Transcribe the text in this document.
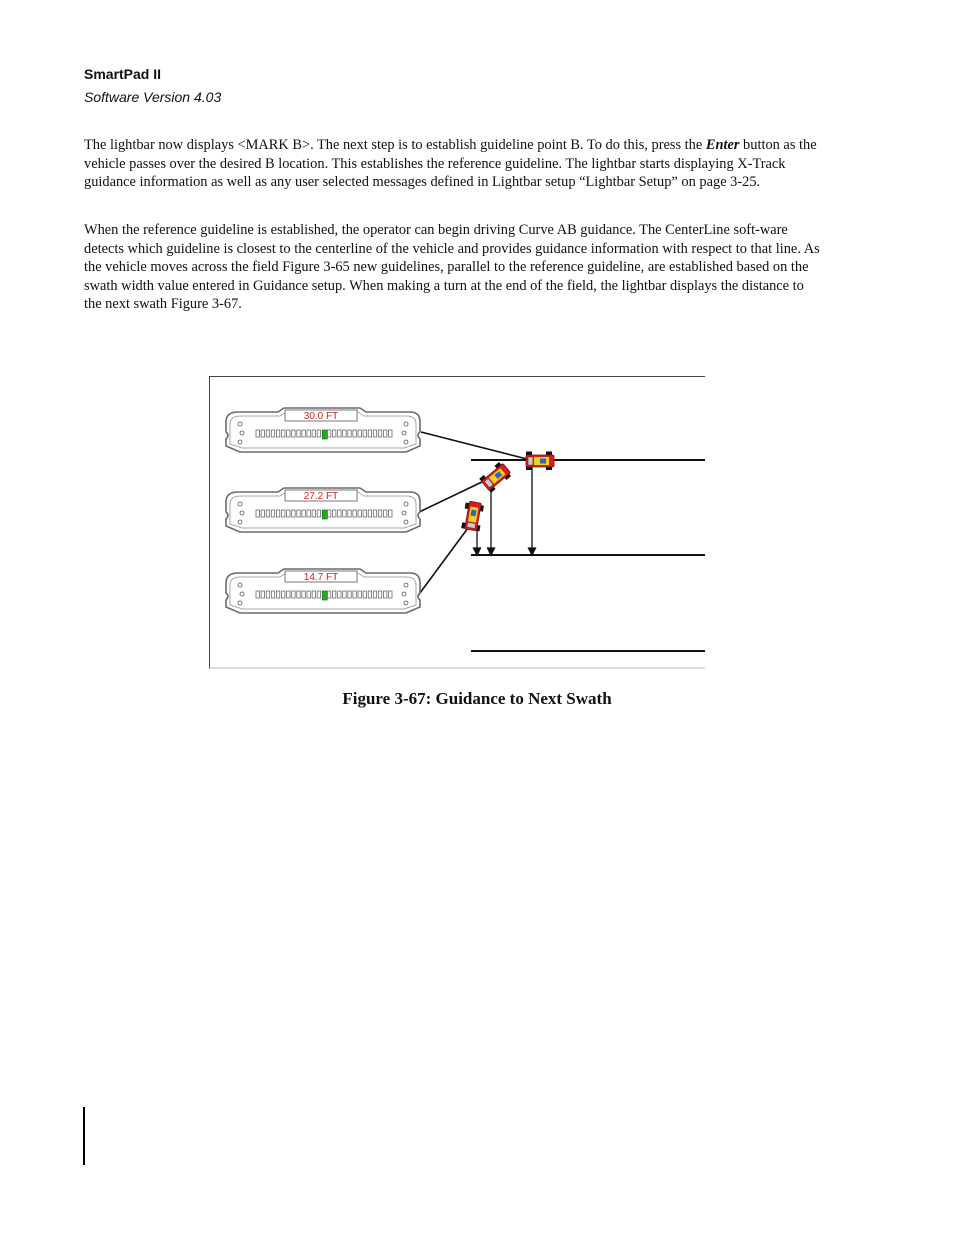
SmartPad II
Software Version 4.03

The lightbar now displays <MARK B>. The next step is to establish guideline point B. To do this, press the Enter button as the vehicle passes over the desired B location. This establishes the reference guideline. The lightbar starts displaying X-Track guidance information as well as any user selected messages defined in Lightbar setup “Lightbar Setup” on page 3-25.

When the reference guideline is established, the operator can begin driving Curve AB guidance. The CenterLine soft-ware detects which guideline is closest to the centerline of the vehicle and provides guidance information with respect to that line. As the vehicle moves across the field Figure 3-65 new guidelines, parallel to the reference guideline, are established based on the swath width value entered in Guidance setup. When making a turn at the end of the field, the lightbar displays the distance to the next swath Figure 3-67.

30.0 FT
27.2 FT
14.7 FT
Figure 3-67: Guidance to Next Swath
